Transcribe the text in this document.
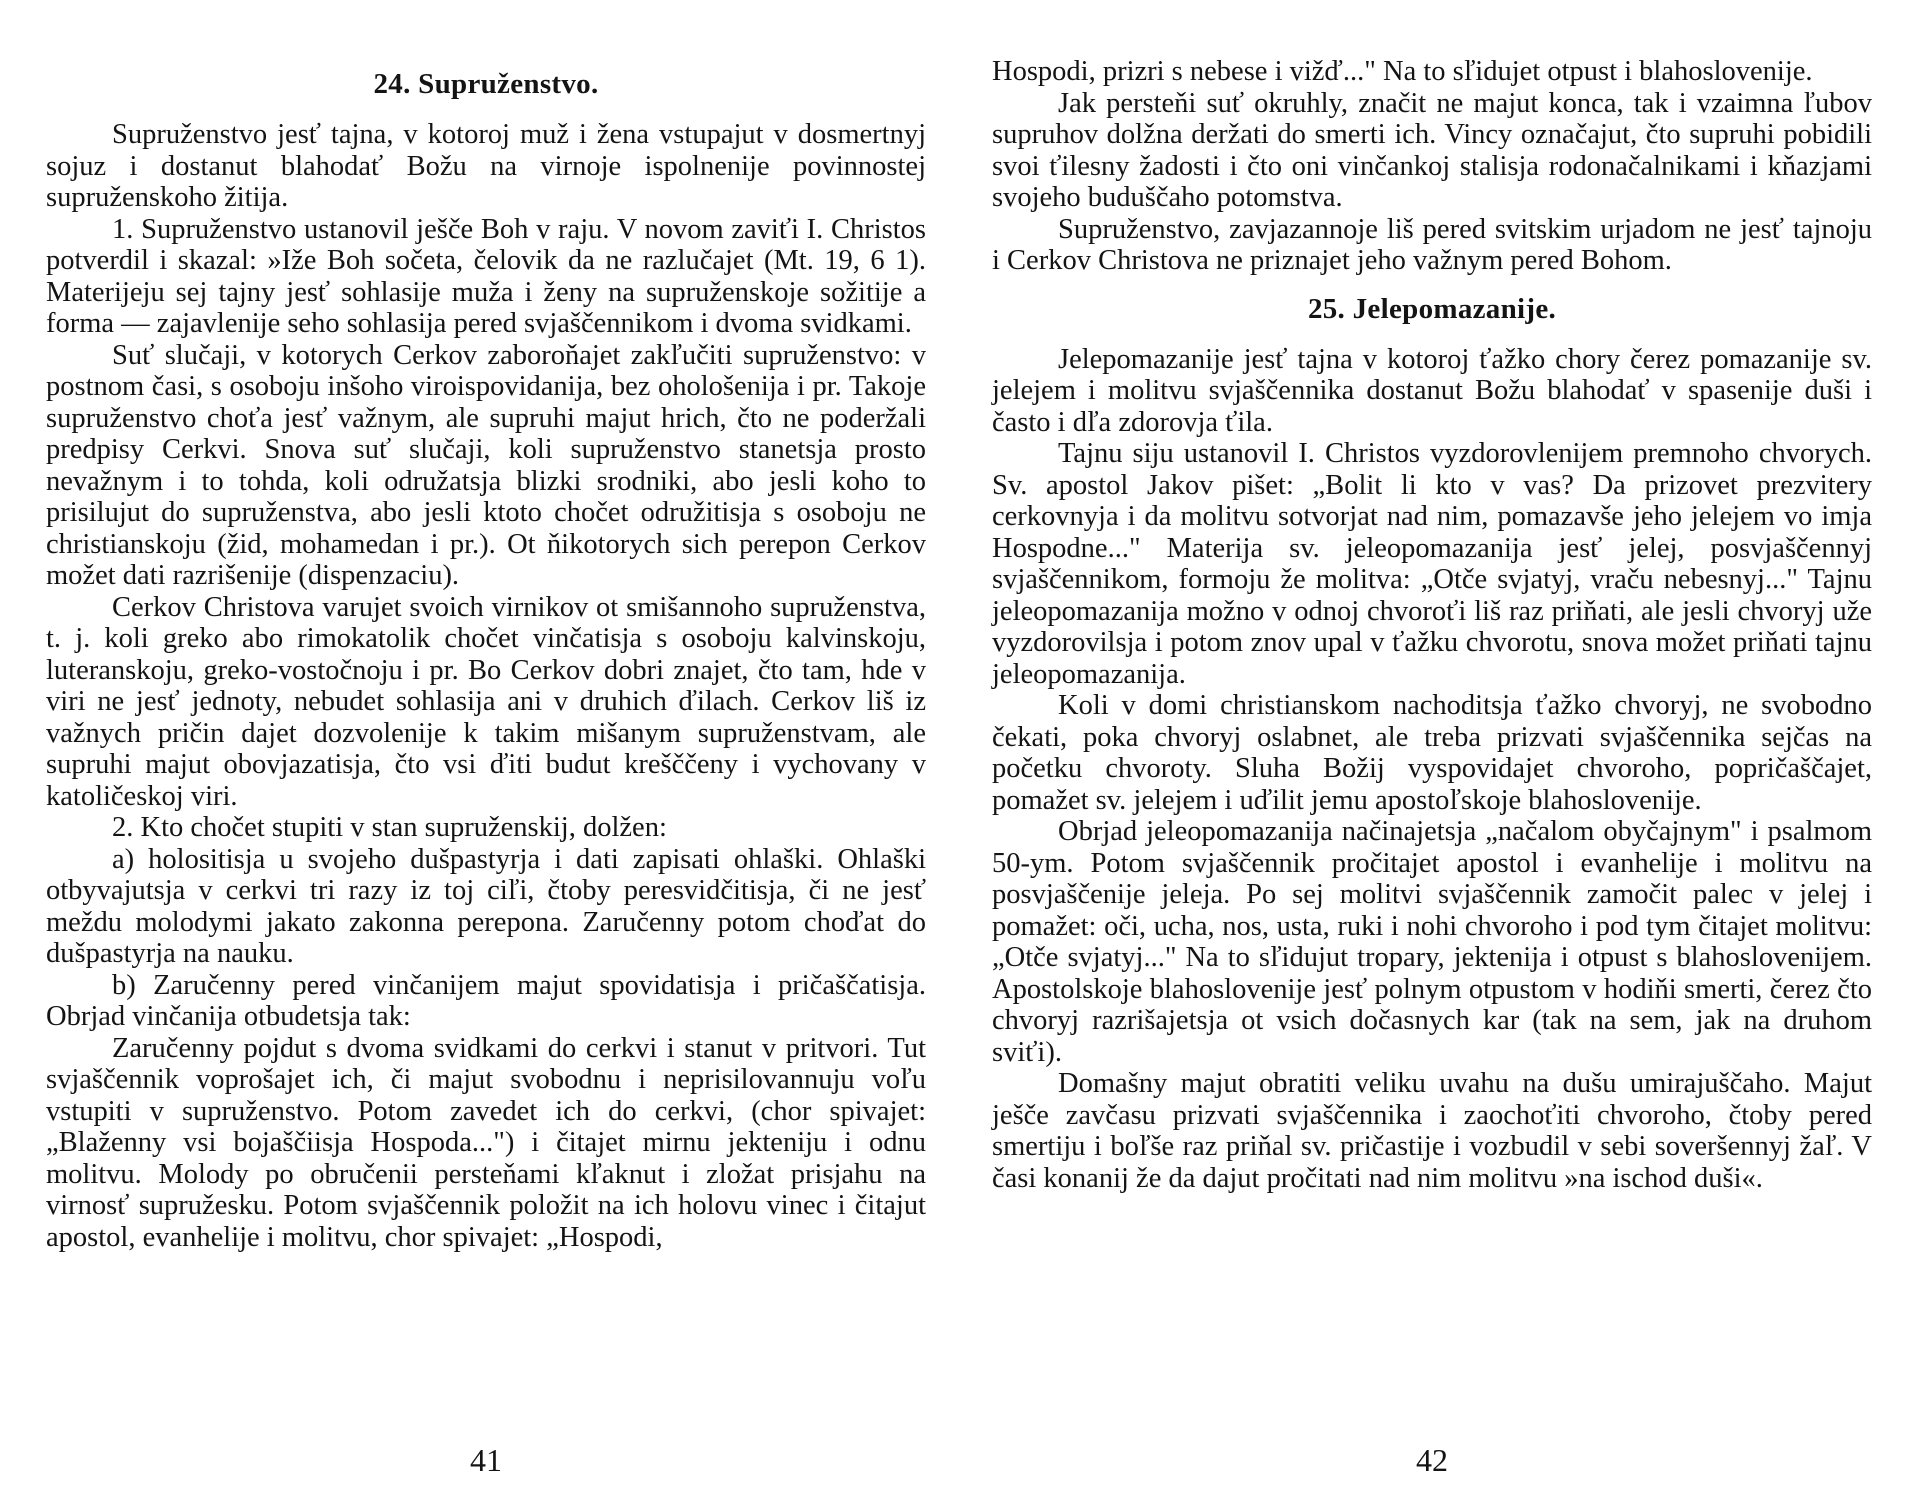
24. Supruženstvo.

Supruženstvo jesť tajna, v kotoroj muž i žena vstupajut v dosmertnyj sojuz i dostanut blahodať Božu na virnoje ispolnenije povinnostej supruženskoho žitija.

1. Supruženstvo ustanovil ješče Boh v raju. V novom zaviťi I. Christos potverdil i skazal: »Iže Boh sočeta, čelovik da ne razlučajet (Mt. 19, 6 1). Materijeju sej tajny jesť sohlasije muža i ženy na supruženskoje sožitije a forma — zajavlenije seho sohlasija pered svjaščennikom i dvoma svidkami.

Suť slučaji, v kotorych Cerkov zaboroňajet zakľučiti supruženstvo: v postnom časi, s osoboju inšoho viroispovidanija, bez ohološenija i pr. Takoje supruženstvo choťa jesť važnym, ale supruhi majut hrich, čto ne poderžali predpisy Cerkvi. Snova suť slučaji, koli supruženstvo stanetsja prosto nevažnym i to tohda, koli odružatsja blizki srodniki, abo jesli koho to prisilujut do supruženstva, abo jesli ktoto chočet odružitisja s osoboju ne christianskoju (žid, mohamedan i pr.). Ot ňikotorych sich perepon Cerkov možet dati razrišenije (dispenzaciu).

Cerkov Christova varujet svoich virnikov ot smišannoho supruženstva, t. j. koli greko abo rimokatolik chočet vinčatisja s osoboju kalvinskoju, luteranskoju, greko-vostočnoju i pr. Bo Cerkov dobri znajet, čto tam, hde v viri ne jesť jednoty, nebudet sohlasija ani v druhich ďilach. Cerkov liš iz važnych pričin dajet dozvolenije k takim mišanym supruženstvam, ale supruhi majut obovjazatisja, čto vsi ďiti budut krešččeny i vychovany v katoličeskoj viri.

2. Kto chočet stupiti v stan supruženskij, dolžen:

a) holositisja u svojeho dušpastyrja i dati zapisati ohlaški. Ohlaški otbyvajutsja v cerkvi tri razy iz toj ciľi, čtoby peresvidčitisja, či ne jesť meždu molodymi jakato zakonna perepona. Zaručenny potom choďat do dušpastyrja na nauku.

b) Zaručenny pered vinčanijem majut spovidatisja i pričaščatisja. Obrjad vinčanija otbudetsja tak:

Zaručenny pojdut s dvoma svidkami do cerkvi i stanut v pritvori. Tut svjaščennik voprošajet ich, či majut svobodnu i neprisilovannuju voľu vstupiti v supruženstvo. Potom zavedet ich do cerkvi, (chor spivajet: „Blaženny vsi bojaščiisja Hospoda...") i čitajet mirnu jekteniju i odnu molitvu. Molody po obručenii persteňami kľaknut i zložat prisjahu na virnosť supružesku. Potom svjaščennik položit na ich holovu vinec i čitajut apostol, evanhelije i molitvu, chor spivajet: „Hospodi,

41

Hospodi, prizri s nebese i vižď..." Na to sľidujet otpust i blahoslovenije.

Jak persteňi suť okruhly, značit ne majut konca, tak i vzaimna ľubov supruhov dolžna deržati do smerti ich. Vincy označajut, čto supruhi pobidili svoi ťilesny žadosti i čto oni vinčankoj stalisja rodonačalnikami i kňazjami svojeho buduščaho potomstva.

Supruženstvo, zavjazannoje liš pered svitskim urjadom ne jesť tajnoju i Cerkov Christova ne priznajet jeho važnym pered Bohom.

25. Jelepomazanije.

Jelepomazanije jesť tajna v kotoroj ťažko chory čerez pomazanije sv. jelejem i molitvu svjaščennika dostanut Božu blahodať v spasenije duši i často i dľa zdorovja ťila.

Tajnu siju ustanovil I. Christos vyzdorovlenijem premnoho chvorych. Sv. apostol Jakov pišet: „Bolit li kto v vas? Da prizovet prezvitery cerkovnyja i da molitvu sotvorjat nad nim, pomazavše jeho jelejem vo imja Hospodne..." Materija sv. jeleopomazanija jesť jelej, posvjaščennyj svjaščennikom, formoju že molitva: „Otče svjatyj, vraču nebesnyj..." Tajnu jeleopomazanija možno v odnoj chvoroťi liš raz priňati, ale jesli chvoryj uže vyzdorovilsja i potom znov upal v ťažku chvorotu, snova možet priňati tajnu jeleopomazanija.

Koli v domi christianskom nachoditsja ťažko chvoryj, ne svobodno čekati, poka chvoryj oslabnet, ale treba prizvati svjaščennika sejčas na početku chvoroty. Sluha Božij vyspovidajet chvoroho, popričaščajet, pomažet sv. jelejem i uďilit jemu apostoľskoje blahoslovenije.

Obrjad jeleopomazanija načinajetsja „načalom obyčajnym" i psalmom 50-ym. Potom svjaščennik pročitajet apostol i evanhelije i molitvu na posvjaščenije jeleja. Po sej molitvi svjaščennik zamočit palec v jelej i pomažet: oči, ucha, nos, usta, ruki i nohi chvoroho i pod tym čitajet molitvu: „Otče svjatyj..." Na to sľidujut tropary, jektenija i otpust s blahoslovenijem. Apostolskoje blahoslovenije jesť polnym otpustom v hodiňi smerti, čerez čto chvoryj razrišajetsja ot vsich dočasnych kar (tak na sem, jak na druhom sviťi).

Domašny majut obratiti veliku uvahu na dušu umirajuščaho. Majut ješče zavčasu prizvati svjaščennika i zaochoťiti chvoroho, čtoby pered smertiju i boľše raz priňal sv. pričastije i vozbudil v sebi soveršennyj žaľ. V časi konanij že da dajut pročitati nad nim molitvu »na ischod duši«.

42
